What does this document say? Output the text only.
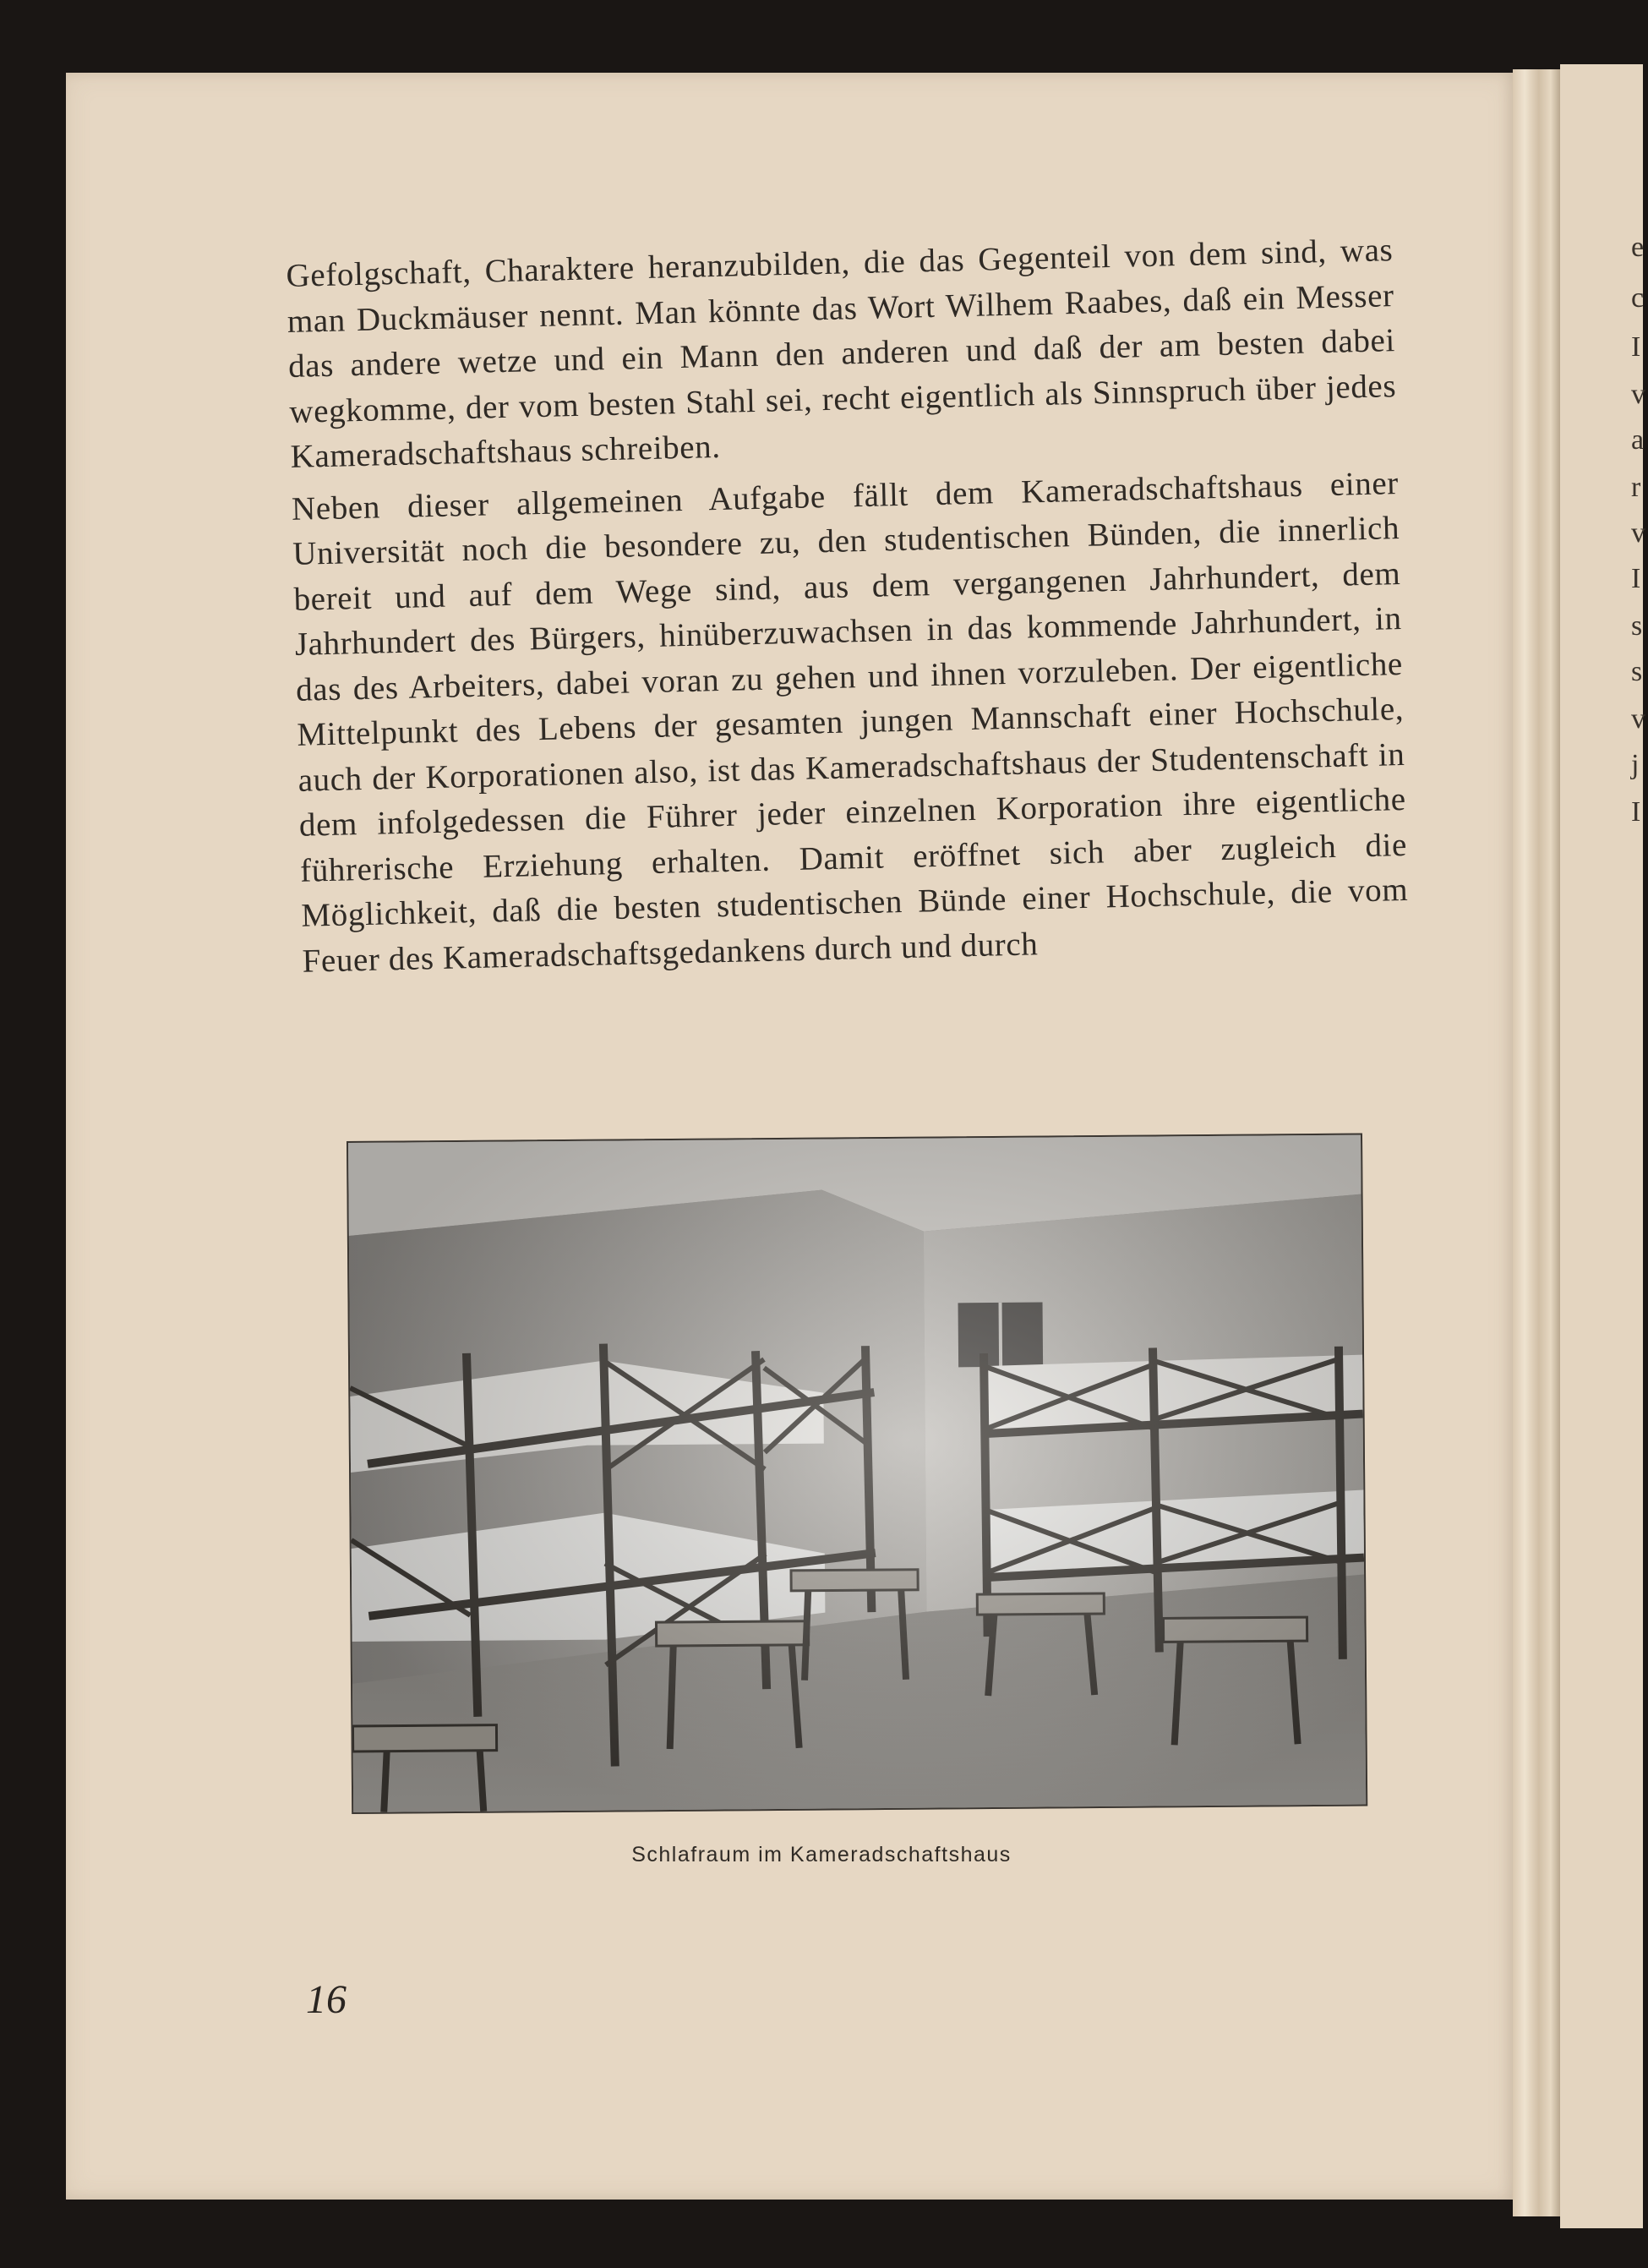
e
c
I
v
a
r
v
I
s
s
v
j
I

Gefolgschaft, Charaktere heranzubilden, die das Gegenteil von dem sind, was man Duckmäuser nennt. Man könnte das Wort Wilhem Raabes, daß ein Messer das andere wetze und ein Mann den anderen und daß der am besten dabei wegkomme, der vom besten Stahl sei, recht eigentlich als Sinnspruch über jedes Kameradschaftshaus schreiben.

Neben dieser allgemeinen Aufgabe fällt dem Kameradschaftshaus einer Universität noch die besondere zu, den studentischen Bünden, die innerlich bereit und auf dem Wege sind, aus dem vergangenen Jahrhundert, dem Jahrhundert des Bürgers, hinüberzuwachsen in das kommende Jahrhundert, in das des Arbeiters, dabei voran zu gehen und ihnen vorzuleben. Der eigentliche Mittelpunkt des Lebens der gesamten jungen Mannschaft einer Hochschule, auch der Korporationen also, ist das Kameradschaftshaus der Studentenschaft in dem infolgedessen die Führer jeder einzelnen Korporation ihre eigentliche führerische Erziehung erhalten. Damit eröffnet sich aber zugleich die Möglichkeit, daß die besten studentischen Bünde einer Hochschule, die vom Feuer des Kameradschaftsgedankens durch und durch

Schlafraum im Kameradschaftshaus
16
